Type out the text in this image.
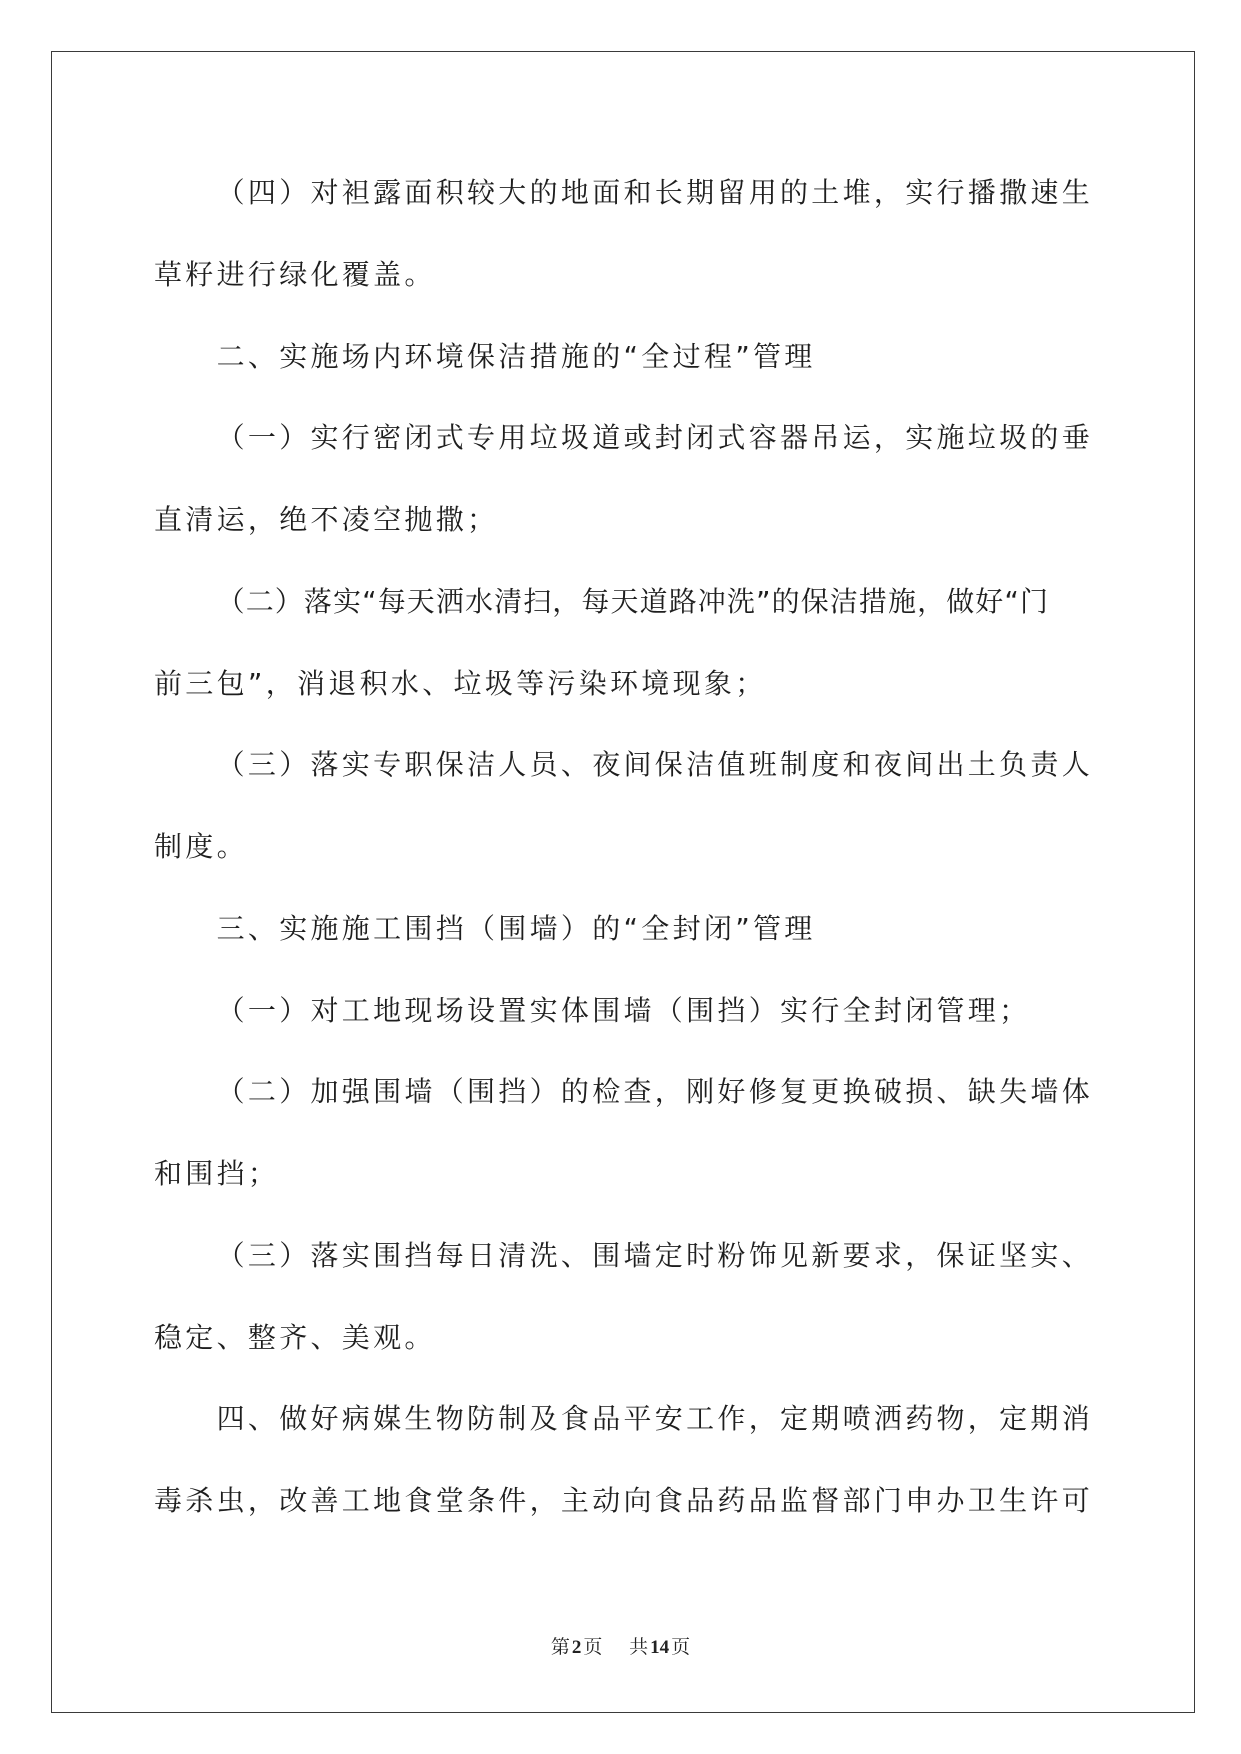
（四）对袒露面积较大的地面和长期留用的土堆，实行播撒速生
草籽进行绿化覆盖。
二、实施场内环境保洁措施的“全过程”管理
（一）实行密闭式专用垃圾道或封闭式容器吊运，实施垃圾的垂
直清运，绝不凌空抛撒；
（二）落实“每天洒水清扫，每天道路冲洗”的保洁措施，做好“门
前三包”，消退积水、垃圾等污染环境现象；
（三）落实专职保洁人员、夜间保洁值班制度和夜间出土负责人
制度。
三、实施施工围挡（围墙）的“全封闭”管理
（一）对工地现场设置实体围墙（围挡）实行全封闭管理；
（二）加强围墙（围挡）的检查，刚好修复更换破损、缺失墙体
和围挡；
（三）落实围挡每日清洗、围墙定时粉饰见新要求，保证坚实、
稳定、整齐、美观。
四、做好病媒生物防制及食品平安工作，定期喷洒药物，定期消
毒杀虫，改善工地食堂条件，主动向食品药品监督部门申办卫生许可
第 2 页 共 14 页
